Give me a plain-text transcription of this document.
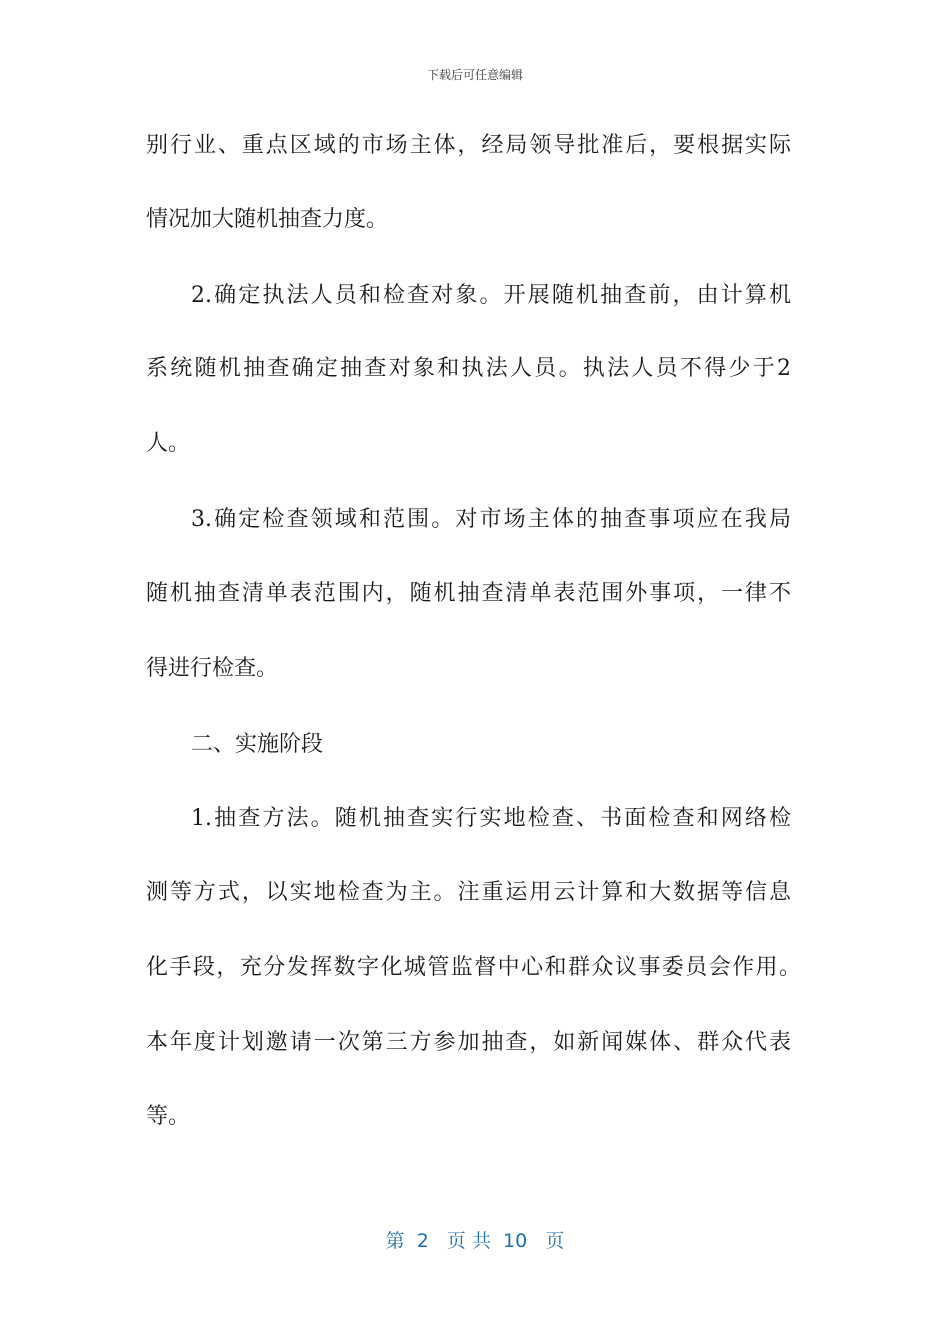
下载后可任意编辑
别行业、重点区域的市场主体，经局领导批准后，要根据实际
情况加大随机抽查力度。
2.确定执法人员和检查对象。开展随机抽查前，由计算机
系统随机抽查确定抽查对象和执法人员。执法人员不得少于2
人。
3.确定检查领域和范围。对市场主体的抽查事项应在我局
随机抽查清单表范围内，随机抽查清单表范围外事项，一律不
得进行检查。
二、实施阶段
1.抽查方法。随机抽查实行实地检查、书面检查和网络检
测等方式，以实地检查为主。注重运用云计算和大数据等信息
化手段，充分发挥数字化城管监督中心和群众议事委员会作用。
本年度计划邀请一次第三方参加抽查，如新闻媒体、群众代表
等。
第  2   页 共  10   页
